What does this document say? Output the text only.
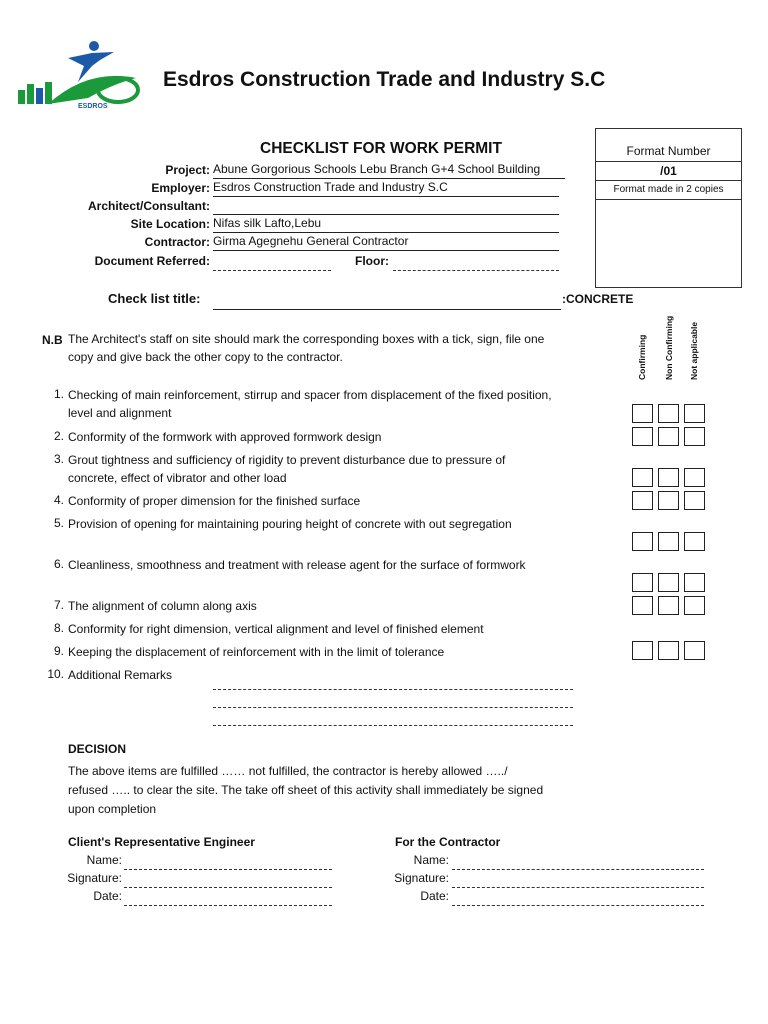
ESDROS
Esdros Construction Trade and Industry S.C
CHECKLIST FOR WORK PERMIT
Project: Abune Gorgorious Schools Lebu Branch G+4 School Building
Employer: Esdros Construction Trade and Industry S.C
Architect/Consultant:
Site Location: Nifas silk Lafto,Lebu
Contractor: Girma Agegnehu General Contractor
Document Referred:	Floor:
Format Number
/01
Format made in 2 copies
Check list title:	:CONCRETE
N.B The Architect's staff on site should mark the corresponding boxes with a tick, sign, file one copy and give back the other copy to the contractor.	Confirming Non Confirming Not applicable
1. Checking of main reinforcement, stirrup and spacer from displacement of the fixed position, level and alignment
2. Conformity of the formwork with approved formwork design
3. Grout tightness and sufficiency of rigidity to prevent disturbance due to pressure of concrete, effect of vibrator and other load
4. Conformity of proper dimension for the finished surface
5. Provision of opening for maintaining pouring height of concrete with out segregation
6. Cleanliness, smoothness and treatment with release agent for the surface of formwork
7. The alignment of column along axis
8. Conformity for right dimension, vertical alignment and level of finished element
9. Keeping the displacement of reinforcement with in the limit of tolerance
10. Additional Remarks
DECISION
The above items are fulfilled …… not fulfilled, the contractor is hereby allowed …../ refused ….. to clear the site. The take off sheet of this activity shall immediately be signed upon completion
Client's Representative Engineer
Name:
Signature:
Date:
For the Contractor
Name:
Signature:
Date:
